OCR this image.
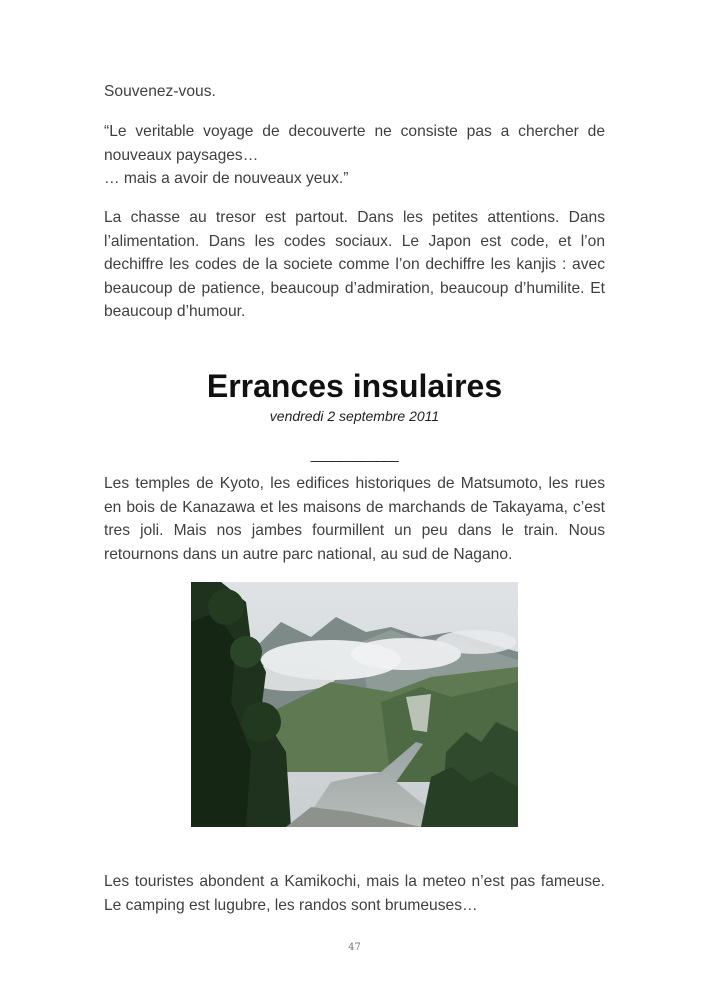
Souvenez-vous.

“Le veritable voyage de decouverte ne consiste pas a chercher de nouveaux paysages…

… mais a avoir de nouveaux yeux.”

La chasse au tresor est partout. Dans les petites attentions. Dans l’alimentation. Dans les codes sociaux. Le Japon est code, et l’on dechiffre les codes de la societe comme l’on dechiffre les kanjis : avec beaucoup de patience, beaucoup d’admiration, beaucoup d’humilite. Et beaucoup d’humour.

Errances insulaires
vendredi 2 septembre 2011
____________

Les temples de Kyoto, les edifices historiques de Matsumoto, les rues en bois de Kanazawa et les maisons de marchands de Takayama, c’est tres joli. Mais nos jambes fourmillent un peu dans le train. Nous retournons dans un autre parc national, au sud de Nagano.

Les touristes abondent a Kamikochi, mais la meteo n’est pas fameuse. Le camping est lugubre, les randos sont brumeuses…

47
